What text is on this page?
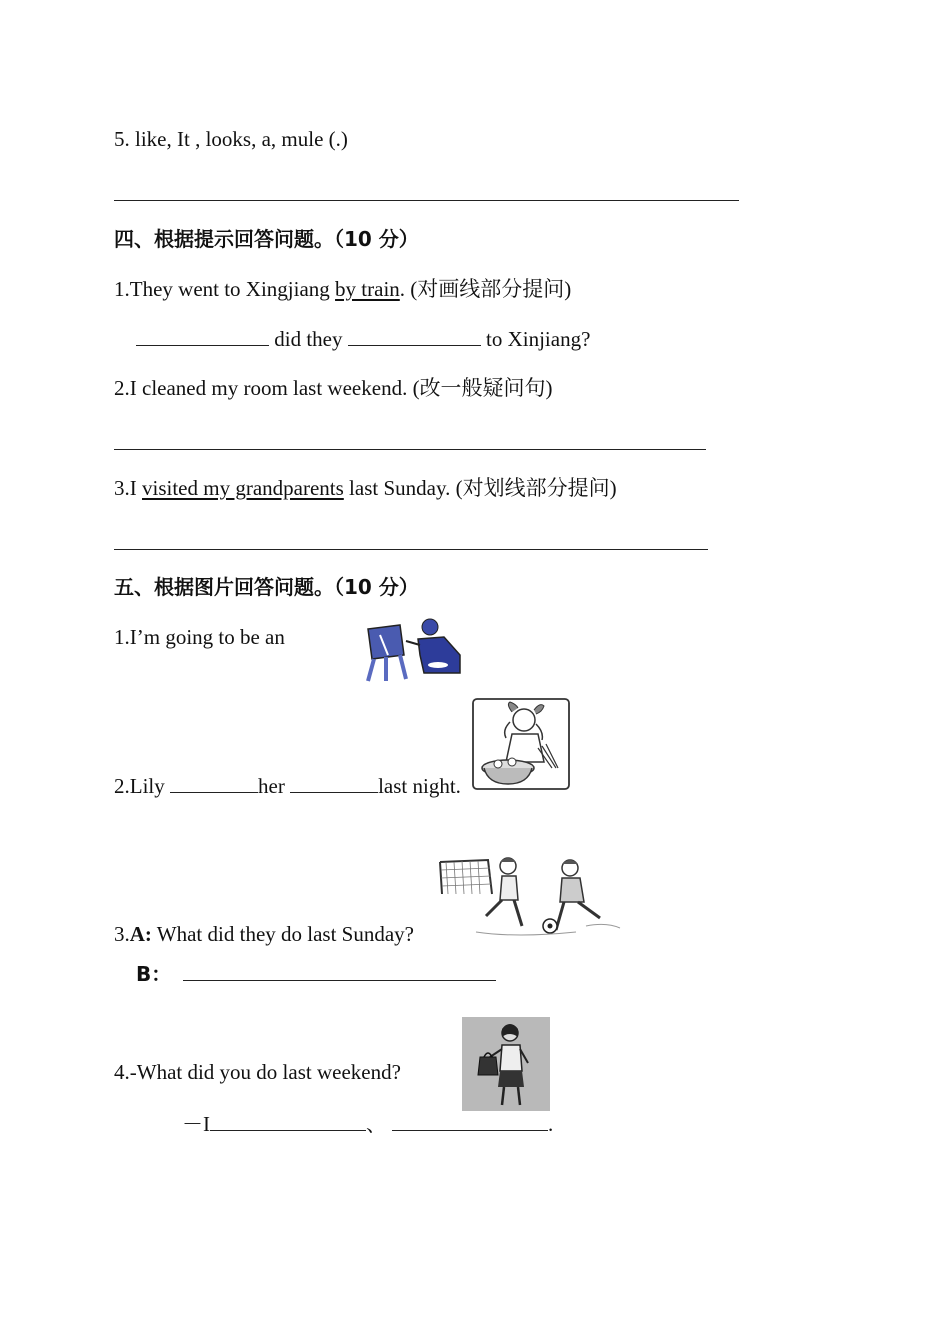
5. like, It , looks, a, mule (.)
四、根据提示回答问题。（10 分）
1.They went to Xingjiang by train. (对画线部分提问)
did they	to Xinjiang?
2.I cleaned my room last weekend. (改一般疑问句)
3.I visited my grandparents last Sunday. (对划线部分提问)
五、根据图片回答问题。（10 分）
1.I’m going to be an
2.Lily	her	last night.
3.A: What did they do last Sunday?
B：
4.-What did you do last weekend?
－I	、	.
